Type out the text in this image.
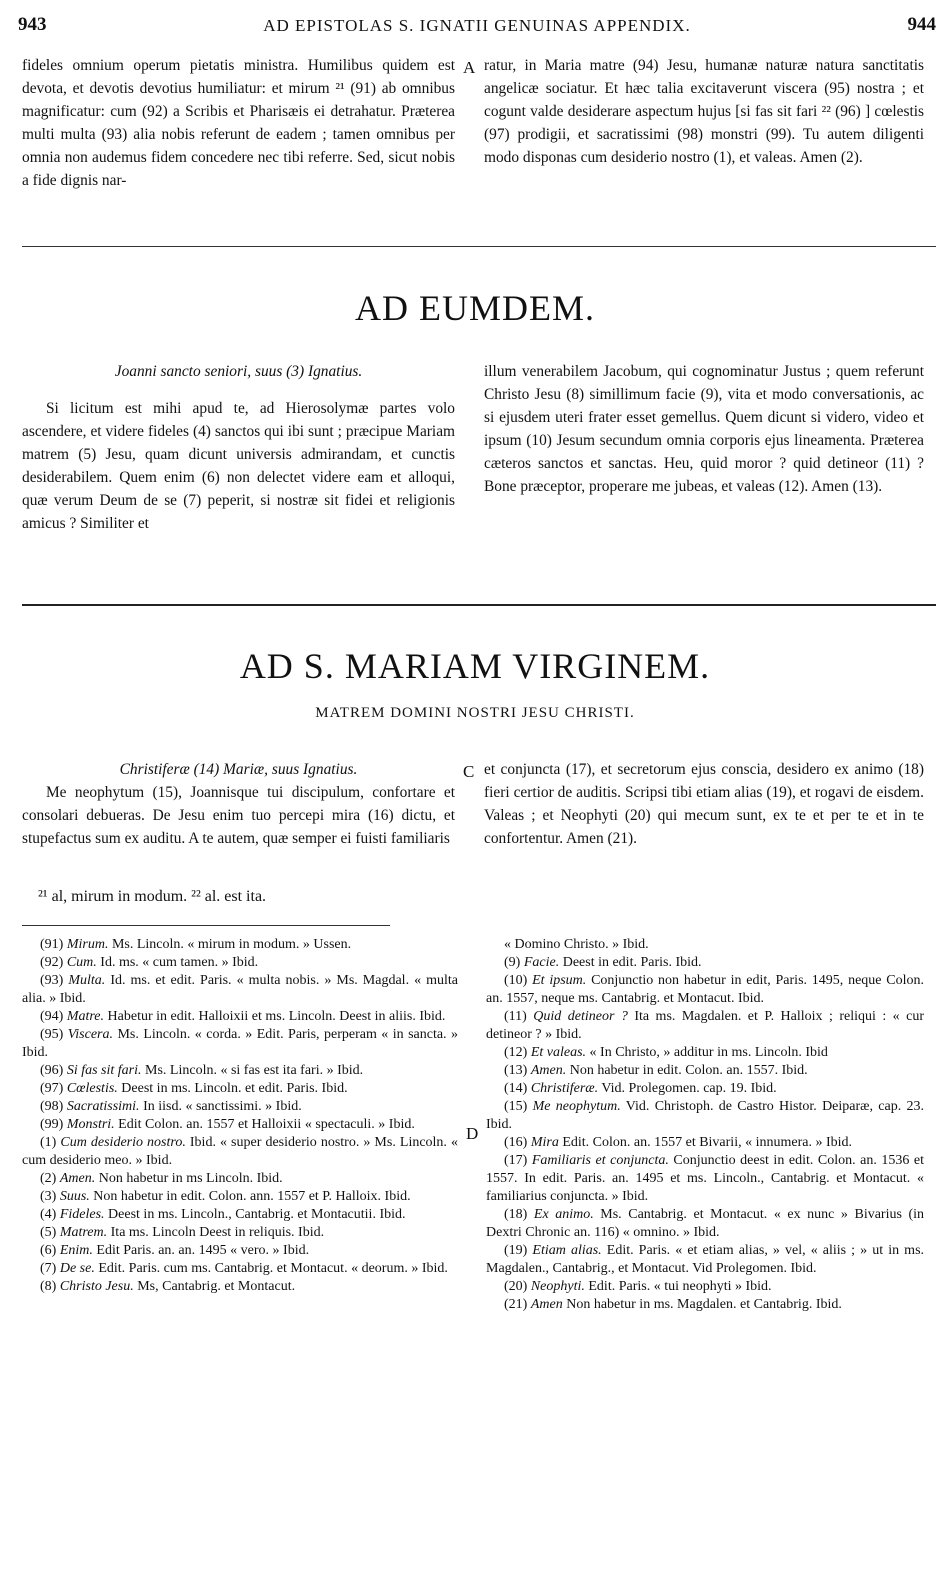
943	AD EPISTOLAS S. IGNATII GENUINAS APPENDIX.	944

fideles omnium operum pietatis ministra. Humilibus quidem est devota, et devotis devotius humiliatur: et mirum ²¹ (91) ab omnibus magnificatur: cum (92) a Scribis et Pharisæis ei detrahatur. Præterea multi multa (93) alia nobis referunt de eadem ; tamen omnibus per omnia non audemus fidem concedere nec tibi referre. Sed, sicut nobis a fide dignis nar-

A ratur, in Maria matre (94) Jesu, humanæ naturæ natura sanctitatis angelicæ sociatur. Et hæc talia excitaverunt viscera (95) nostra ; et cogunt valde desiderare aspectum hujus [si fas sit fari ²² (96) ] cœlestis (97) prodigii, et sacratissimi (98) monstri (99). Tu autem diligenti modo disponas cum desiderio nostro (1), et valeas. Amen (2).

AD EUMDEM.

Joanni sancto seniori, suus (3) Ignatius.

Si licitum est mihi apud te, ad Hierosolymæ partes volo ascendere, et videre fideles (4) sanctos qui ibi sunt ; præcipue Mariam matrem (5) Jesu, quam dicunt universis admirandam, et cunctis desiderabilem. Quem enim (6) non delectet videre eam et alloqui, quæ verum Deum de se (7) peperit, si nostræ sit fidei et religionis amicus ? Similiter et

illum venerabilem Jacobum, qui cognominatur Justus ; quem referunt Christo Jesu (8) simillimum facie (9), vita et modo conversationis, ac si ejusdem uteri frater esset gemellus. Quem dicunt si videro, video et ipsum (10) Jesum secundum omnia corporis ejus lineamenta. Præterea cæteros sanctos et sanctas. Heu, quid moror ? quid detineor (11) ? Bone præceptor, properare me jubeas, et valeas (12). Amen (13).

AD S. MARIAM VIRGINEM.
MATREM DOMINI NOSTRI JESU CHRISTI.

Christiferæ (14) Mariæ, suus Ignatius.

Me neophytum (15), Joannisque tui discipulum, confortare et consolari debueras. De Jesu enim tuo percepi mira (16) dictu, et stupefactus sum ex auditu. A te autem, quæ semper ei fuisti familiaris

C et conjuncta (17), et secretorum ejus conscia, desidero ex animo (18) fieri certior de auditis. Scripsi tibi etiam alias (19), et rogavi de eisdem. Valeas ; et Neophyti (20) qui mecum sunt, ex te et per te et in te confortentur. Amen (21).

²¹ al, mirum in modum. ²² al. est ita.
(91) Mirum. Ms. Lincoln. « mirum in modum. » Ussen.
(92) Cum. Id. ms. « cum tamen. » Ibid.
(93) Multa. Id. ms. et edit. Paris. « multa nobis. » Ms. Magdal. « multa alia. » Ibid.
(94) Matre. Habetur in edit. Halloixii et ms. Lincoln. Deest in aliis. Ibid.
(95) Viscera. Ms. Lincoln. « corda. » Edit. Paris, perperam « in sancta. » Ibid.
(96) Si fas sit fari. Ms. Lincoln. « si fas est ita fari. » Ibid.
(97) Cœlestis. Deest in ms. Lincoln. et edit. Paris. Ibid.
(98) Sacratissimi. In iisd. « sanctissimi. » Ibid.
(99) Monstri. Edit Colon. an. 1557 et Halloixii « spectaculi. » Ibid.
(1) Cum desiderio nostro. Ibid. « super desiderio nostro. » Ms. Lincoln. « cum desiderio meo. » Ibid.
(2) Amen. Non habetur in ms Lincoln. Ibid.
(3) Suus. Non habetur in edit. Colon. ann. 1557 et P. Halloix. Ibid.
(4) Fideles. Deest in ms. Lincoln., Cantabrig. et Montacutii. Ibid.
(5) Matrem. Ita ms. Lincoln Deest in reliquis. Ibid.
(6) Enim. Edit Paris. an. an. 1495 « vero. » Ibid.
(7) De se. Edit. Paris. cum ms. Cantabrig. et Montacut. « deorum. » Ibid.
(8) Christo Jesu. Ms, Cantabrig. et Montacut.
D
« Domino Christo. » Ibid.
(9) Facie. Deest in edit. Paris. Ibid.
(10) Et ipsum. Conjunctio non habetur in edit, Paris. 1495, neque Colon. an. 1557, neque ms. Cantabrig. et Montacut. Ibid.
(11) Quid detineor ? Ita ms. Magdalen. et P. Halloix ; reliqui : « cur detineor ? » Ibid.
(12) Et valeas. « In Christo, » additur in ms. Lincoln. Ibid
(13) Amen. Non habetur in edit. Colon. an. 1557. Ibid.
(14) Christiferæ. Vid. Prolegomen. cap. 19. Ibid.
(15) Me neophytum. Vid. Christoph. de Castro Histor. Deiparæ, cap. 23. Ibid.
(16) Mira Edit. Colon. an. 1557 et Bivarii, « innumera. » Ibid.
(17) Familiaris et conjuncta. Conjunctio deest in edit. Colon. an. 1536 et 1557. In edit. Paris. an. 1495 et ms. Lincoln., Cantabrig. et Montacut. « familiarius conjuncta. » Ibid.
(18) Ex animo. Ms. Cantabrig. et Montacut. « ex nunc » Bivarius (in Dextri Chronic an. 116) « omnino. » Ibid.
(19) Etiam alias. Edit. Paris. « et etiam alias, » vel, « aliis ; » ut in ms. Magdalen., Cantabrig., et Montacut. Vid Prolegomen. Ibid.
(20) Neophyti. Edit. Paris. « tui neophyti » Ibid.
(21) Amen Non habetur in ms. Magdalen. et Cantabrig. Ibid.
